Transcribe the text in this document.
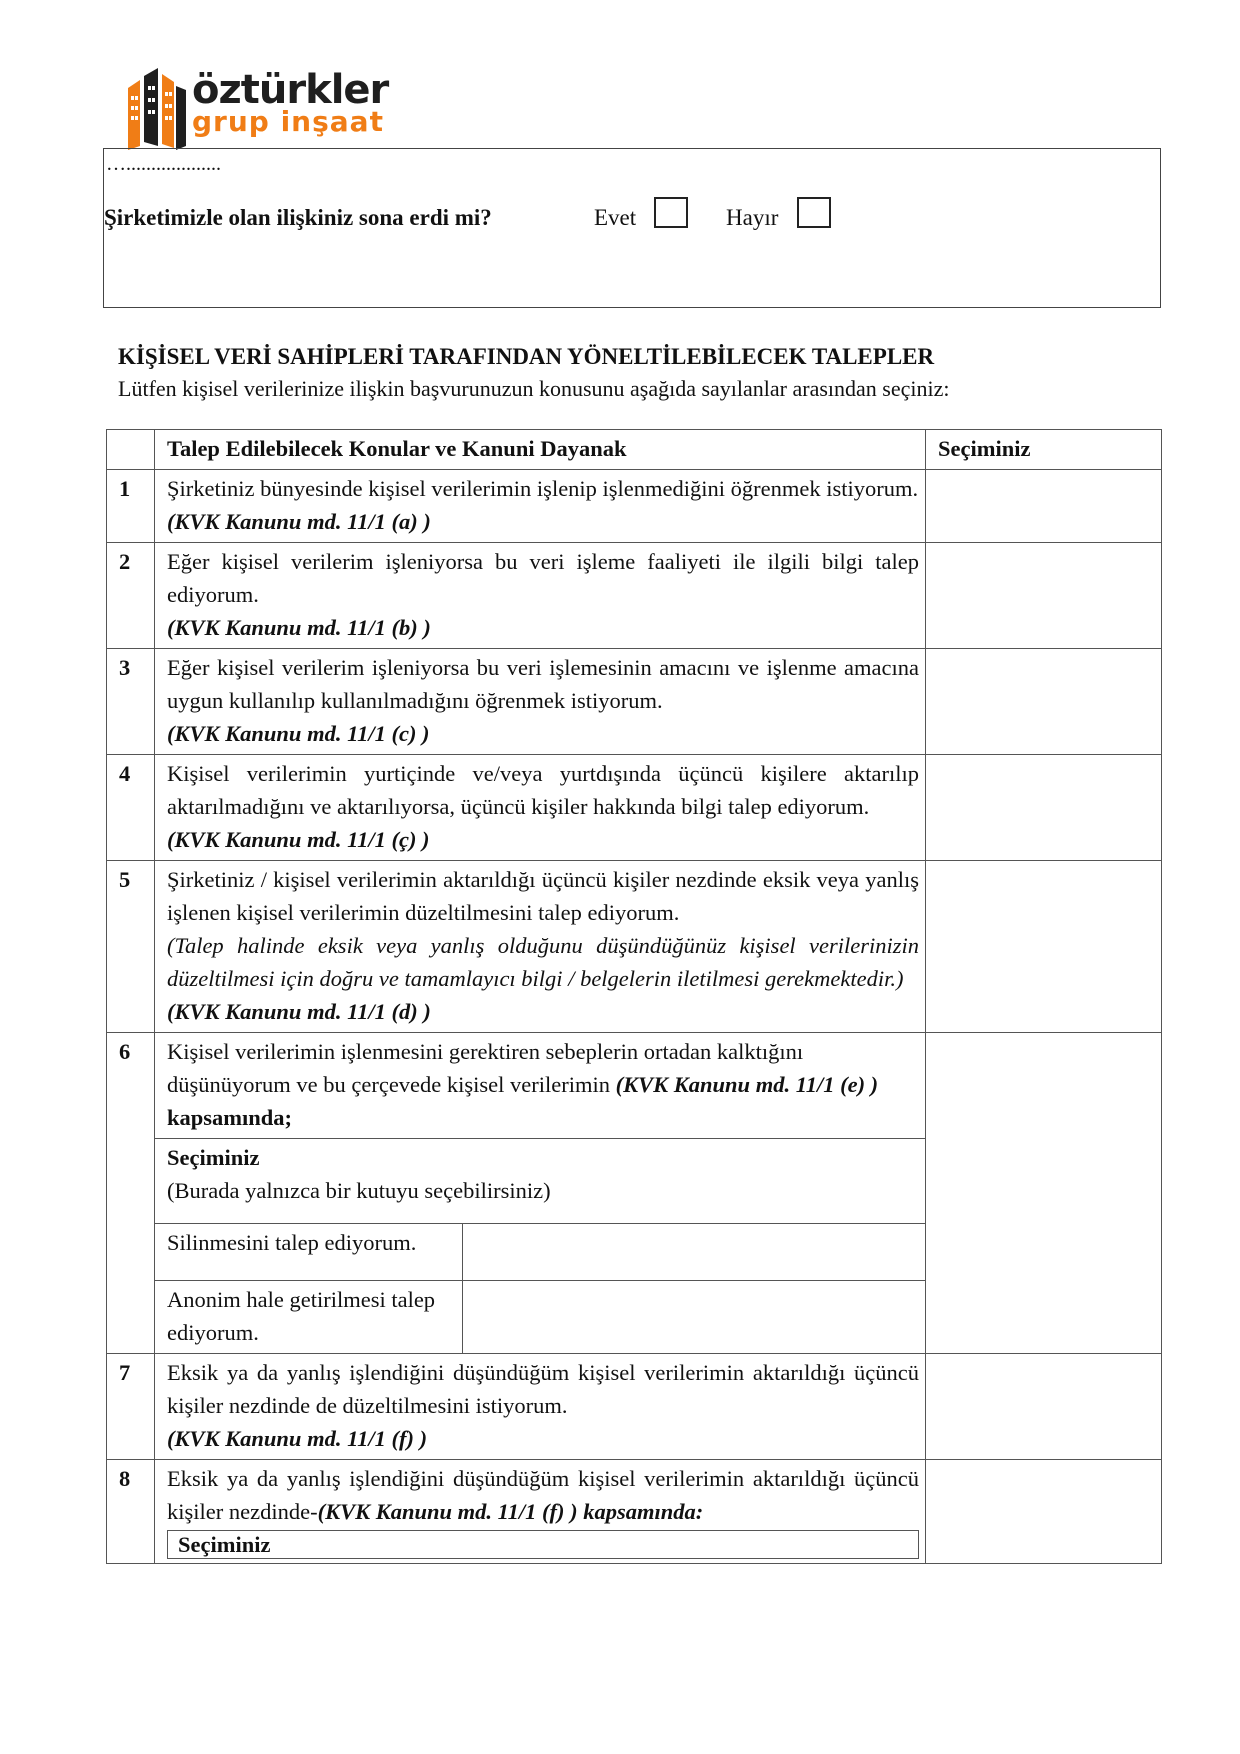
öztürkler
grup inşaat
…...................
Şirketimizle olan ilişkiniz sona erdi mi?	Evet	Hayır
KİŞİSEL VERİ SAHİPLERİ TARAFINDAN YÖNELTİLEBİLECEK TALEPLER
Lütfen kişisel verilerinize ilişkin başvurunuzun konusunu aşağıda sayılanlar arasından seçiniz:
	Talep Edilebilecek Konular ve Kanuni Dayanak	Seçiminiz
1	Şirketiniz bünyesinde kişisel verilerimin işlenip işlenmediğini öğrenmek istiyorum.
(KVK Kanunu md. 11/1 (a) )

2	Eğer kişisel verilerim işleniyorsa bu veri işleme faaliyeti ile ilgili bilgi talep ediyorum.
(KVK Kanunu md. 11/1 (b) )

3	Eğer kişisel verilerim işleniyorsa bu veri işlemesinin amacını ve işlenme amacına uygun kullanılıp kullanılmadığını öğrenmek istiyorum.
(KVK Kanunu md. 11/1 (c) )

4	Kişisel verilerimin yurtiçinde ve/veya yurtdışında üçüncü kişilere aktarılıp aktarılmadığını ve aktarılıyorsa, üçüncü kişiler hakkında bilgi talep ediyorum.
(KVK Kanunu md. 11/1 (ç) )

5	Şirketiniz / kişisel verilerimin aktarıldığı üçüncü kişiler nezdinde eksik veya yanlış işlenen kişisel verilerimin düzeltilmesini talep ediyorum.
(Talep halinde eksik veya yanlış olduğunu düşündüğünüz kişisel verilerinizin düzeltilmesi için doğru ve tamamlayıcı bilgi / belgelerin iletilmesi gerekmektedir.)
(KVK Kanunu md. 11/1 (d) )

6	Kişisel verilerimin işlenmesini gerektiren sebeplerin ortadan kalktığını düşünüyorum ve bu çerçevede kişisel verilerimin (KVK Kanunu md. 11/1 (e) ) kapsamında;
Seçiminiz
(Burada yalnızca bir kutuyu seçebilirsiniz)

Silinmesini talep ediyorum.	
Anonim hale getirilmesi talep ediyorum.	

7	Eksik ya da yanlış işlendiğini düşündüğüm kişisel verilerimin aktarıldığı üçüncü kişiler nezdinde de düzeltilmesini istiyorum.
(KVK Kanunu md. 11/1 (f) )

8	Eksik ya da yanlış işlendiğini düşündüğüm kişisel verilerimin aktarıldığı üçüncü kişiler nezdinde-(KVK Kanunu md. 11/1 (f) ) kapsamında:
Seçiminiz
